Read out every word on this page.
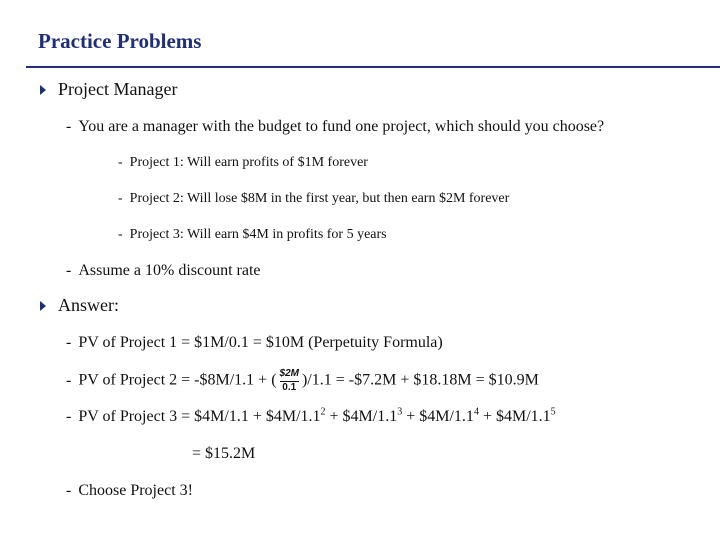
Practice Problems
Project Manager
- You are a manager with the budget to fund one project, which should you choose?
- Project 1: Will earn profits of $1M forever
- Project 2: Will lose $8M in the first year, but then earn $2M forever
- Project 3: Will earn $4M in profits for 5 years
- Assume a 10% discount rate
Answer:
- PV of Project 1 = $1M/0.1 = $10M (Perpetuity Formula)
- PV of Project 2 = -$8M/1.1 + ( $\frac{\$2M}{0.1} )/1.1$ = -$7.2M + $18.18M = $10.9M
- PV of Project 3 = $4M/1.1 + $\$4M/1.1^2$ + $\$4M/1.1^3$ + $\$4M/1.1^4$ + $\$4M/1.1^5$
= $15.2M
- Choose Project 3!
